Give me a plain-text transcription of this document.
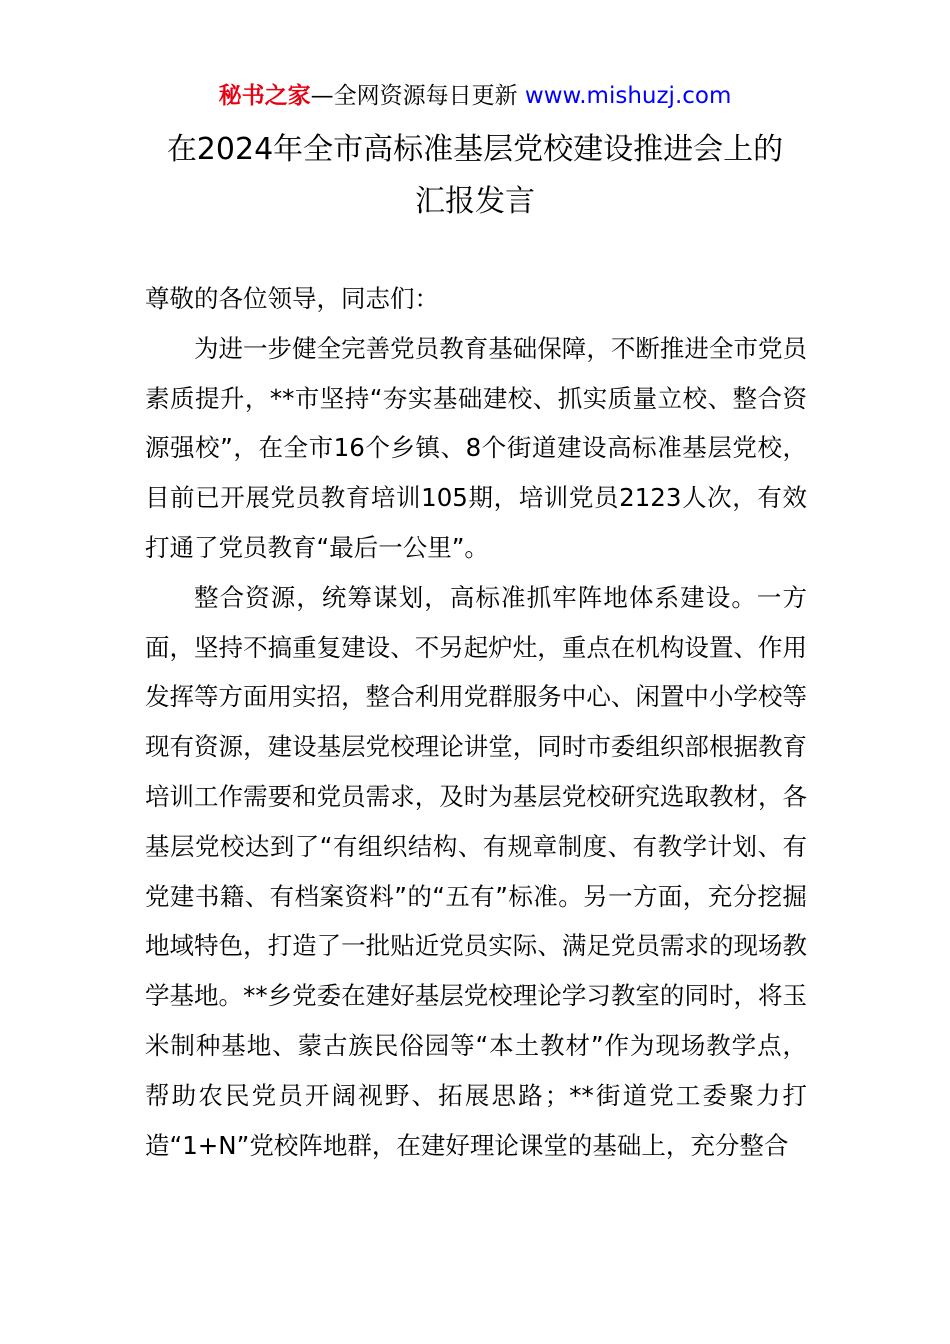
秘书之家—全网资源每日更新 www.mishuzj.com
在2024年全市高标准基层党校建设推进会上的
汇报发言

尊敬的各位领导，同志们：

为进一步健全完善党员教育基础保障，不断推进全市党员素质提升，**市坚持“夯实基础建校、抓实质量立校、整合资源强校”，在全市16个乡镇、8个街道建设高标准基层党校，目前已开展党员教育培训105期，培训党员2123人次，有效打通了党员教育“最后一公里”。

整合资源，统筹谋划，高标准抓牢阵地体系建设。一方面，坚持不搞重复建设、不另起炉灶，重点在机构设置、作用发挥等方面用实招，整合利用党群服务中心、闲置中小学校等现有资源，建设基层党校理论讲堂，同时市委组织部根据教育培训工作需要和党员需求，及时为基层党校研究选取教材，各基层党校达到了“有组织结构、有规章制度、有教学计划、有党建书籍、有档案资料”的“五有”标准。另一方面，充分挖掘地域特色，打造了一批贴近党员实际、满足党员需求的现场教学基地。**乡党委在建好基层党校理论学习教室的同时，将玉米制种基地、蒙古族民俗园等“本土教材”作为现场教学点，帮助农民党员开阔视野、拓展思路；**街道党工委聚力打造“1+N”党校阵地群，在建好理论课堂的基础上，充分整合
